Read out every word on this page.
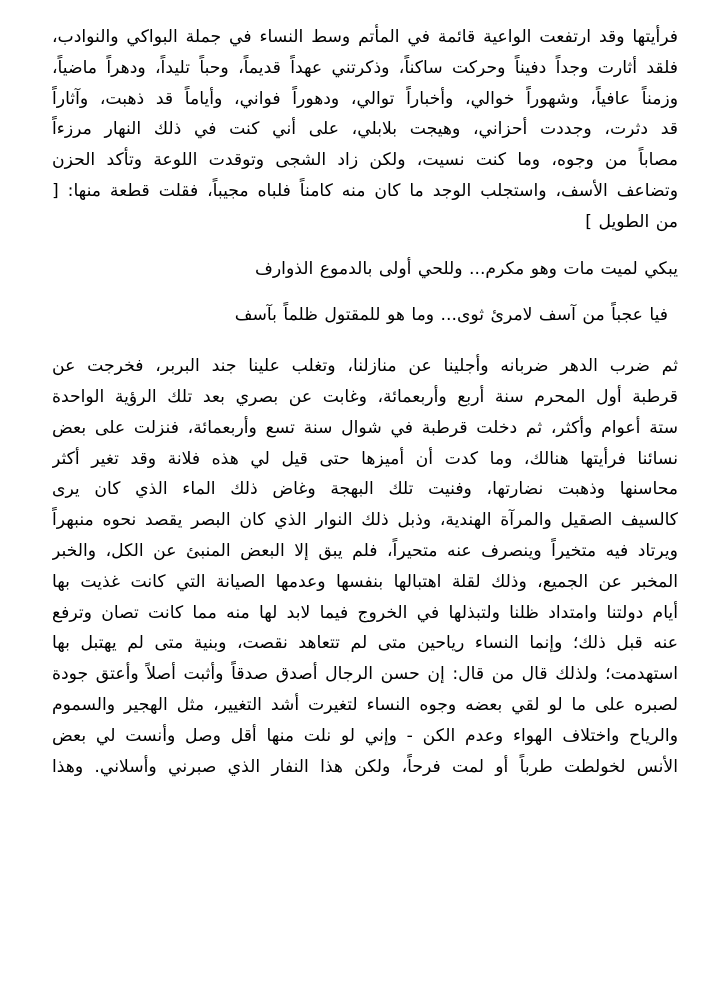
فرأيتها وقد ارتفعت الواعية قائمة في المأتم وسط النساء في جملة البواكي والنوادب،
فلقد أثارت وجداً دفيناً وحركت ساكناً، وذكرتني عهداً قديماً، وحباً تليداً، ودهراً ماضياً،
وزمناً عافياً، وشهوراً خوالي، وأخباراً توالي، ودهوراً فواني، وأياماً قد ذهبت، وآثاراً
قد دثرت، وجددت أحزاني، وهيجت بلابلي، على أني كنت في ذلك النهار مرزءاً
مصاباً من وجوه، وما كنت نسيت، ولكن زاد الشجى وتوقدت اللوعة وتأكد الحزن
وتضاعف الأسف، واستجلب الوجد ما كان منه كامناً فلباه مجيباً، فقلت قطعة منها: [
من الطويل ]

يبكي لميت مات وهو مكرم... وللحي أولى بالدموع الذوارف

فيا عجباً من آسف لامرئ ثوى... وما هو للمقتول ظلماً بآسف

ثم ضرب الدهر ضربانه وأجلينا عن منازلنا، وتغلب علينا جند البربر، فخرجت عن
قرطبة أول المحرم سنة أربع وأربعمائة، وغابت عن بصري بعد تلك الرؤية الواحدة
ستة أعوام وأكثر، ثم دخلت قرطبة في شوال سنة تسع وأربعمائة، فنزلت على بعض
نسائنا فرأيتها هنالك، وما كدت أن أميزها حتى قيل لي هذه فلانة وقد تغير أكثر
محاسنها وذهبت نضارتها، وفنيت تلك البهجة وغاض ذلك الماء الذي كان يرى
كالسيف الصقيل والمرآة الهندية، وذبل ذلك النوار الذي كان البصر يقصد نحوه منبهراً
ويرتاد فيه متخيراً وينصرف عنه متحيراً، فلم يبق إلا البعض المنبئ عن الكل، والخبر
المخبر عن الجميع، وذلك لقلة اهتبالها بنفسها وعدمها الصيانة التي كانت غذيت بها
أيام دولتنا وامتداد ظلنا ولتبذلها في الخروج فيما لابد لها منه مما كانت تصان وترفع
عنه قبل ذلك؛ وإنما النساء رياحين متى لم تتعاهد نقصت، وبنية متى لم يهتبل بها
استهدمت؛ ولذلك قال من قال: إن حسن الرجال أصدق صدقاً وأثبت أصلاً وأعتق جودة
لصبره على ما لو لقي بعضه وجوه النساء لتغيرت أشد التغيير، مثل الهجير والسموم
والرياح واختلاف الهواء وعدم الكن - وإني لو نلت منها أقل وصل وأنست لي بعض
الأنس لخولطت طرباً أو لمت فرحاً، ولكن هذا النفار الذي صبرني وأسلاني. وهذا
